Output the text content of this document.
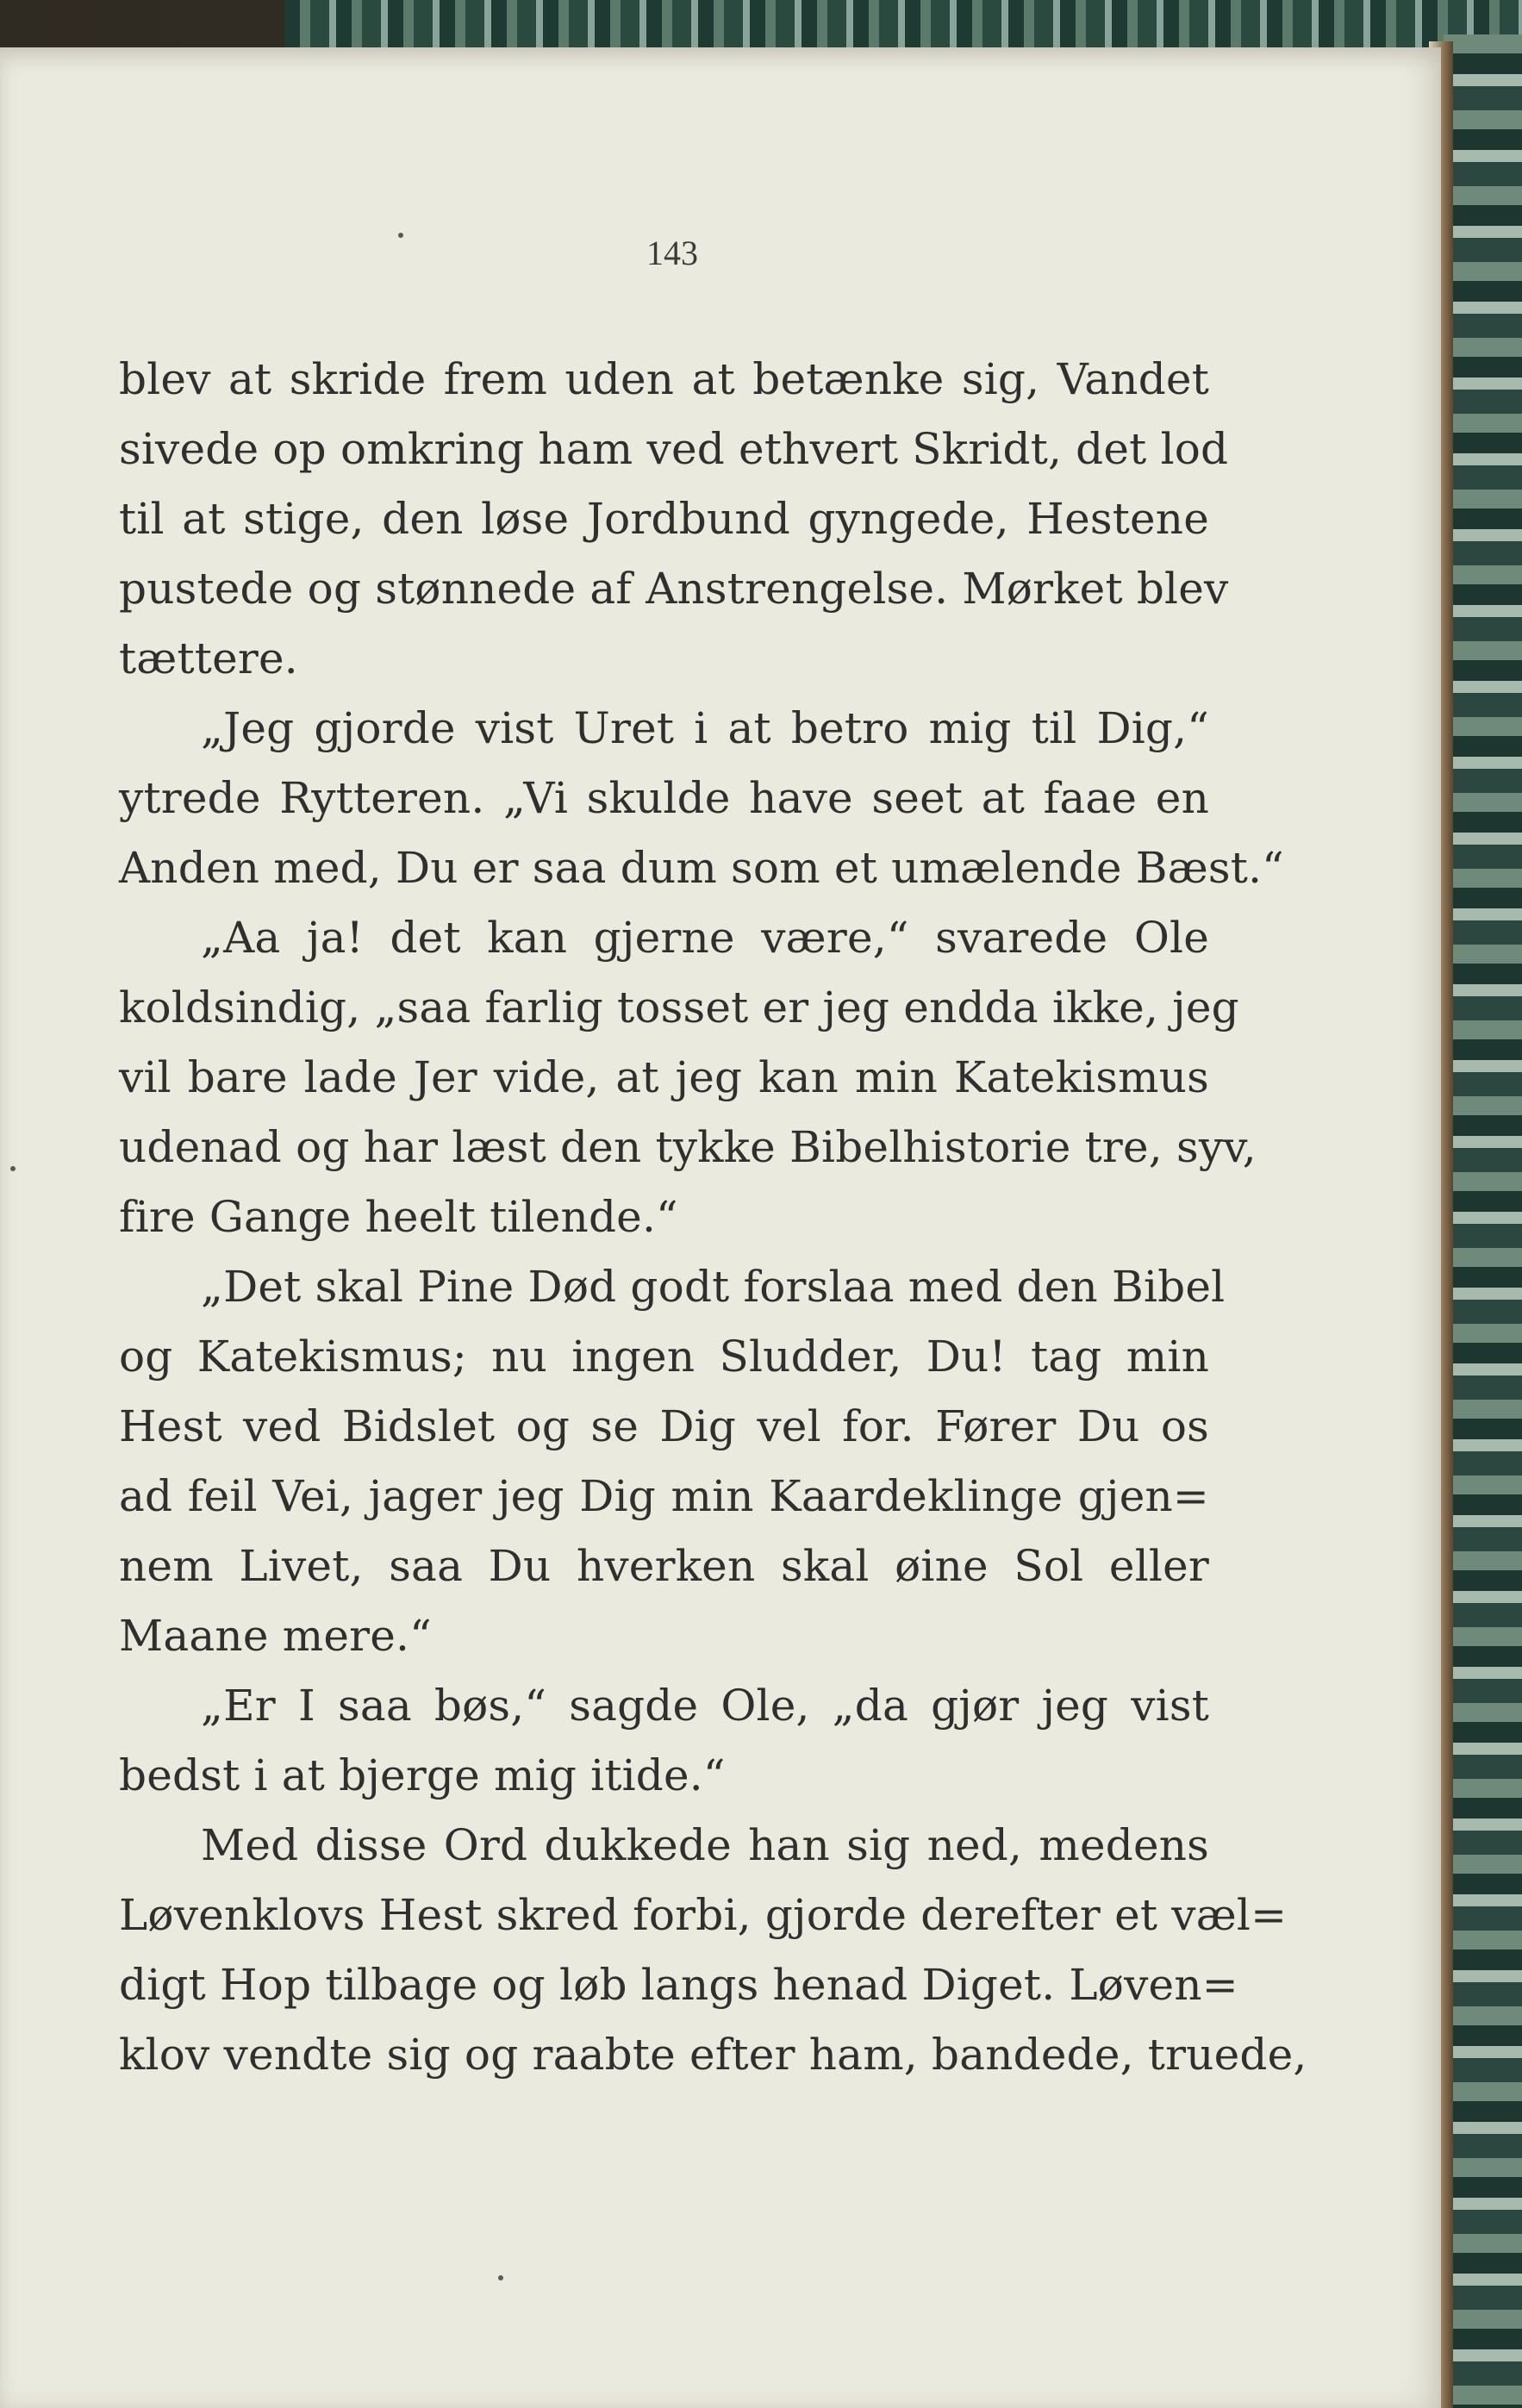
143
blev at skride frem uden at betænke sig, Vandet
sivede op omkring ham ved ethvert Skridt, det lod
til at stige, den løse Jordbund gyngede, Hestene
pustede og stønnede af Anstrengelse. Mørket blev
tættere.
„Jeg gjorde vist Uret i at betro mig til Dig,“
ytrede Rytteren. „Vi skulde have seet at faae en
Anden med, Du er saa dum som et umælende Bæst.“
„Aa ja! det kan gjerne være,“ svarede Ole
koldsindig, „saa farlig tosset er jeg endda ikke, jeg
vil bare lade Jer vide, at jeg kan min Katekismus
udenad og har læst den tykke Bibelhistorie tre, syv,
fire Gange heelt tilende.“
„Det skal Pine Død godt forslaa med den Bibel
og Katekismus; nu ingen Sludder, Du! tag min
Hest ved Bidslet og se Dig vel for. Fører Du os
ad feil Vei, jager jeg Dig min Kaardeklinge gjen=
nem Livet, saa Du hverken skal øine Sol eller
Maane mere.“
„Er I saa bøs,“ sagde Ole, „da gjør jeg vist
bedst i at bjerge mig itide.“
Med disse Ord dukkede han sig ned, medens
Løvenklovs Hest skred forbi, gjorde derefter et væl=
digt Hop tilbage og løb langs henad Diget. Løven=
klov vendte sig og raabte efter ham, bandede, truede,
